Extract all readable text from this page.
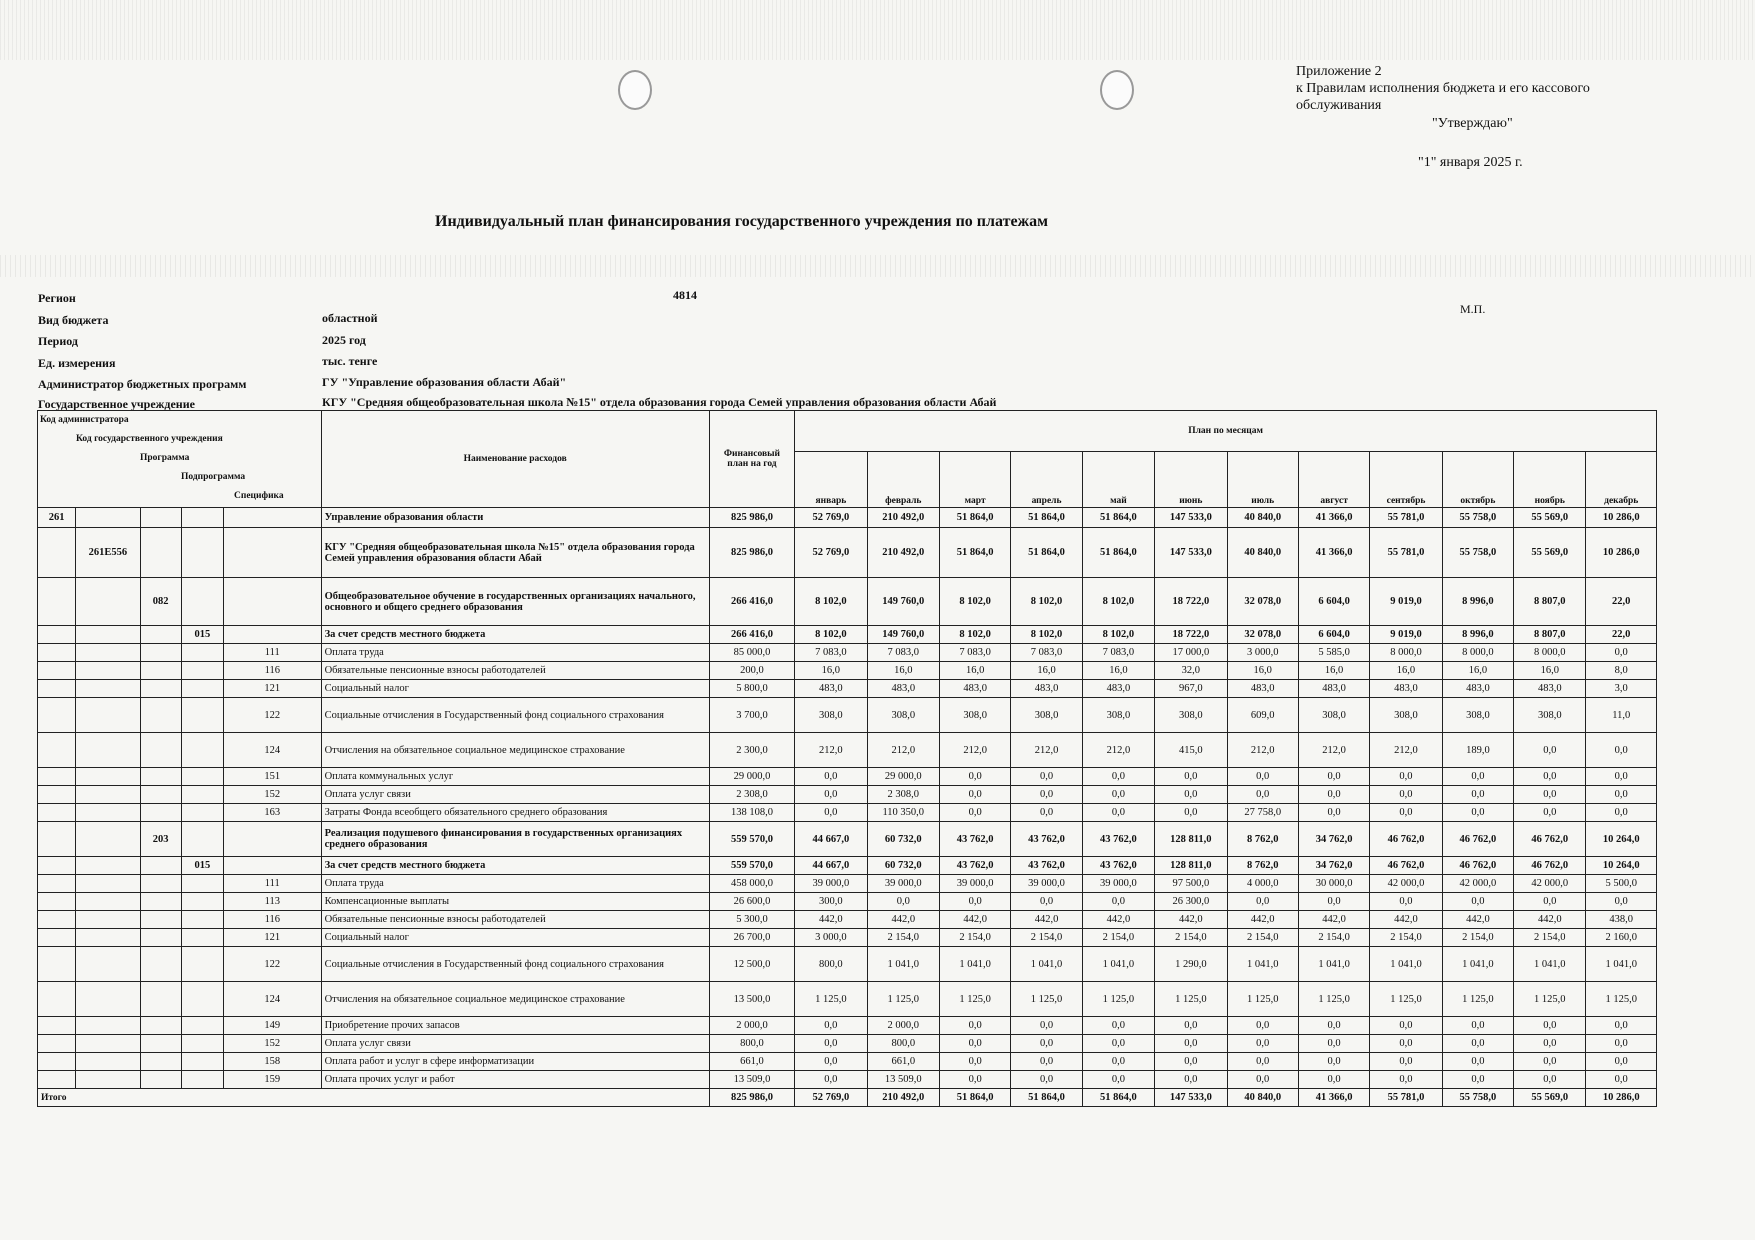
Приложение 2
к Правилам исполнения бюджета и его кассового обслуживания
"Утверждаю"
"1" января 2025 г.
М.П.
Индивидуальный план финансирования государственного учреждения по платежам
Регион	4814
Вид бюджета	областной
Период	2025 год
Ед. измерения	тыс. тенге
Администратор бюджетных программ	ГУ "Управление образования области Абай"
Государственное учреждение	КГУ "Средняя общеобразовательная школа №15" отдела образования города Семей управления образования области Абай
Код администратора
Код государственного учреждения
Программа
Подпрограмма
Специфика					Наименование расходов	Финансовый план на год	План по месяцам											
							январь	февраль	март	апрель	май	июнь	июль	август	сентябрь	октябрь	ноябрь	декабрь
261					Управление образования области	825 986,0	52 769,0	210 492,0	51 864,0	51 864,0	51 864,0	147 533,0	40 840,0	41 366,0	55 781,0	55 758,0	55 569,0	10 286,0
	261E556				КГУ "Средняя общеобразовательная школа №15" отдела образования города Семей управления образования области Абай	825 986,0	52 769,0	210 492,0	51 864,0	51 864,0	51 864,0	147 533,0	40 840,0	41 366,0	55 781,0	55 758,0	55 569,0	10 286,0
		082			Общеобразовательное обучение в государственных организациях начального, основного и общего среднего образования	266 416,0	8 102,0	149 760,0	8 102,0	8 102,0	8 102,0	18 722,0	32 078,0	6 604,0	9 019,0	8 996,0	8 807,0	22,0
			015		За счет средств местного бюджета	266 416,0	8 102,0	149 760,0	8 102,0	8 102,0	8 102,0	18 722,0	32 078,0	6 604,0	9 019,0	8 996,0	8 807,0	22,0
				111	Оплата труда	85 000,0	7 083,0	7 083,0	7 083,0	7 083,0	7 083,0	17 000,0	3 000,0	5 585,0	8 000,0	8 000,0	8 000,0	0,0
				116	Обязательные пенсионные взносы работодателей	200,0	16,0	16,0	16,0	16,0	16,0	32,0	16,0	16,0	16,0	16,0	16,0	8,0
				121	Социальный налог	5 800,0	483,0	483,0	483,0	483,0	483,0	967,0	483,0	483,0	483,0	483,0	483,0	3,0
				122	Социальные отчисления в Государственный фонд социального страхования	3 700,0	308,0	308,0	308,0	308,0	308,0	308,0	609,0	308,0	308,0	308,0	308,0	11,0
				124	Отчисления на обязательное социальное медицинское страхование	2 300,0	212,0	212,0	212,0	212,0	212,0	415,0	212,0	212,0	212,0	189,0	0,0	0,0
				151	Оплата коммунальных услуг	29 000,0	0,0	29 000,0	0,0	0,0	0,0	0,0	0,0	0,0	0,0	0,0	0,0	0,0
				152	Оплата услуг связи	2 308,0	0,0	2 308,0	0,0	0,0	0,0	0,0	0,0	0,0	0,0	0,0	0,0	0,0
				163	Затраты Фонда всеобщего обязательного среднего образования	138 108,0	0,0	110 350,0	0,0	0,0	0,0	0,0	27 758,0	0,0	0,0	0,0	0,0	0,0
		203			Реализация подушевого финансирования в государственных организациях среднего образования	559 570,0	44 667,0	60 732,0	43 762,0	43 762,0	43 762,0	128 811,0	8 762,0	34 762,0	46 762,0	46 762,0	46 762,0	10 264,0
			015		За счет средств местного бюджета	559 570,0	44 667,0	60 732,0	43 762,0	43 762,0	43 762,0	128 811,0	8 762,0	34 762,0	46 762,0	46 762,0	46 762,0	10 264,0
				111	Оплата труда	458 000,0	39 000,0	39 000,0	39 000,0	39 000,0	39 000,0	97 500,0	4 000,0	30 000,0	42 000,0	42 000,0	42 000,0	5 500,0
				113	Компенсационные выплаты	26 600,0	300,0	0,0	0,0	0,0	0,0	26 300,0	0,0	0,0	0,0	0,0	0,0	0,0
				116	Обязательные пенсионные взносы работодателей	5 300,0	442,0	442,0	442,0	442,0	442,0	442,0	442,0	442,0	442,0	442,0	442,0	438,0
				121	Социальный налог	26 700,0	3 000,0	2 154,0	2 154,0	2 154,0	2 154,0	2 154,0	2 154,0	2 154,0	2 154,0	2 154,0	2 154,0	2 160,0
				122	Социальные отчисления в Государственный фонд социального страхования	12 500,0	800,0	1 041,0	1 041,0	1 041,0	1 041,0	1 290,0	1 041,0	1 041,0	1 041,0	1 041,0	1 041,0	1 041,0
				124	Отчисления на обязательное социальное медицинское страхование	13 500,0	1 125,0	1 125,0	1 125,0	1 125,0	1 125,0	1 125,0	1 125,0	1 125,0	1 125,0	1 125,0	1 125,0	1 125,0
				149	Приобретение прочих запасов	2 000,0	0,0	2 000,0	0,0	0,0	0,0	0,0	0,0	0,0	0,0	0,0	0,0	0,0
				152	Оплата услуг связи	800,0	0,0	800,0	0,0	0,0	0,0	0,0	0,0	0,0	0,0	0,0	0,0	0,0
				158	Оплата работ и услуг в сфере информатизации	661,0	0,0	661,0	0,0	0,0	0,0	0,0	0,0	0,0	0,0	0,0	0,0	0,0
				159	Оплата прочих услуг и работ	13 509,0	0,0	13 509,0	0,0	0,0	0,0	0,0	0,0	0,0	0,0	0,0	0,0	0,0
Итого						825 986,0	52 769,0	210 492,0	51 864,0	51 864,0	51 864,0	147 533,0	40 840,0	41 366,0	55 781,0	55 758,0	55 569,0	10 286,0
